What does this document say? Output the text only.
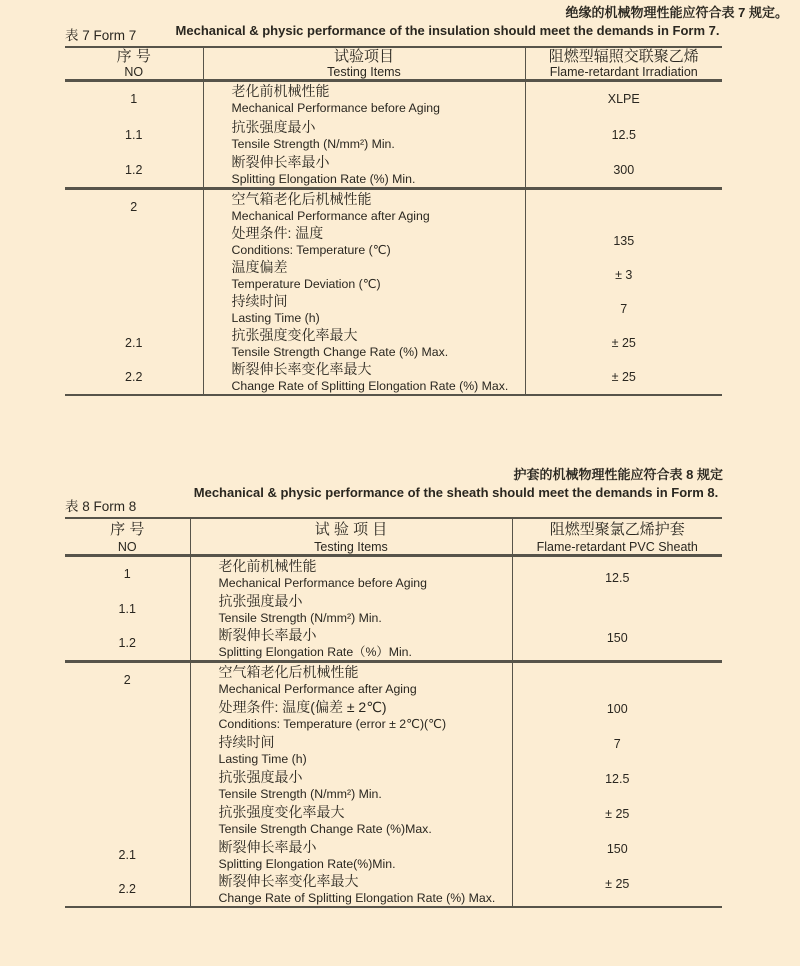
绝缘的机械物理性能应符合表 7 规定。
表 7 Form 7	Mechanical & physic performance of the insulation should meet the demands in Form 7.
序 号
NO

试验项目
Testing Items

阻燃型辐照交联聚乙烯
Flame-retardant Irradiation

1	老化前机械性能
Mechanical Performance before Aging	XLPE
1.1	抗张强度最小
Tensile Strength (N/mm²) Min.	12.5
1.2	断裂伸长率最小
Splitting Elongation Rate (%) Min.	300
2	空气箱老化后机械性能
Mechanical Performance after Aging	

	处理条件: 温度
Conditions: Temperature (℃)	135

	温度偏差
Temperature Deviation (℃)	± 3

	持续时间
Lasting Time (h)	7
2.1	抗张强度变化率最大
Tensile Strength Change Rate (%) Max.	± 25
2.2	断裂伸长率变化率最大
Change Rate of Splitting Elongation Rate (%) Max.	± 25
护套的机械物理性能应符合表 8 规定
表 8 Form 8
Mechanical & physic performance of the sheath should meet the demands in Form 8.
序 号
NO

试 验 项 目
Testing Items

阻燃型聚氯乙烯护套
Flame-retardant PVC Sheath

1	老化前机械性能
Mechanical Performance before Aging	12.5
1.1	抗张强度最小
Tensile Strength (N/mm²) Min.	

1.2	断裂伸长率最小
Splitting Elongation Rate（%）Min.	150
2	空气箱老化后机械性能
Mechanical Performance after Aging	

	处理条件: 温度(偏差 ± 2℃)
Conditions: Temperature (error ± 2℃)(℃)	100

	持续时间
Lasting Time (h)	7

	抗张强度最小
Tensile Strength (N/mm²) Min.	12.5

	抗张强度变化率最大
Tensile Strength Change Rate (%)Max.	± 25
2.1	断裂伸长率最小
Splitting Elongation Rate(%)Min.	150
2.2	断裂伸长率变化率最大
Change Rate of Splitting Elongation Rate (%) Max.	± 25
